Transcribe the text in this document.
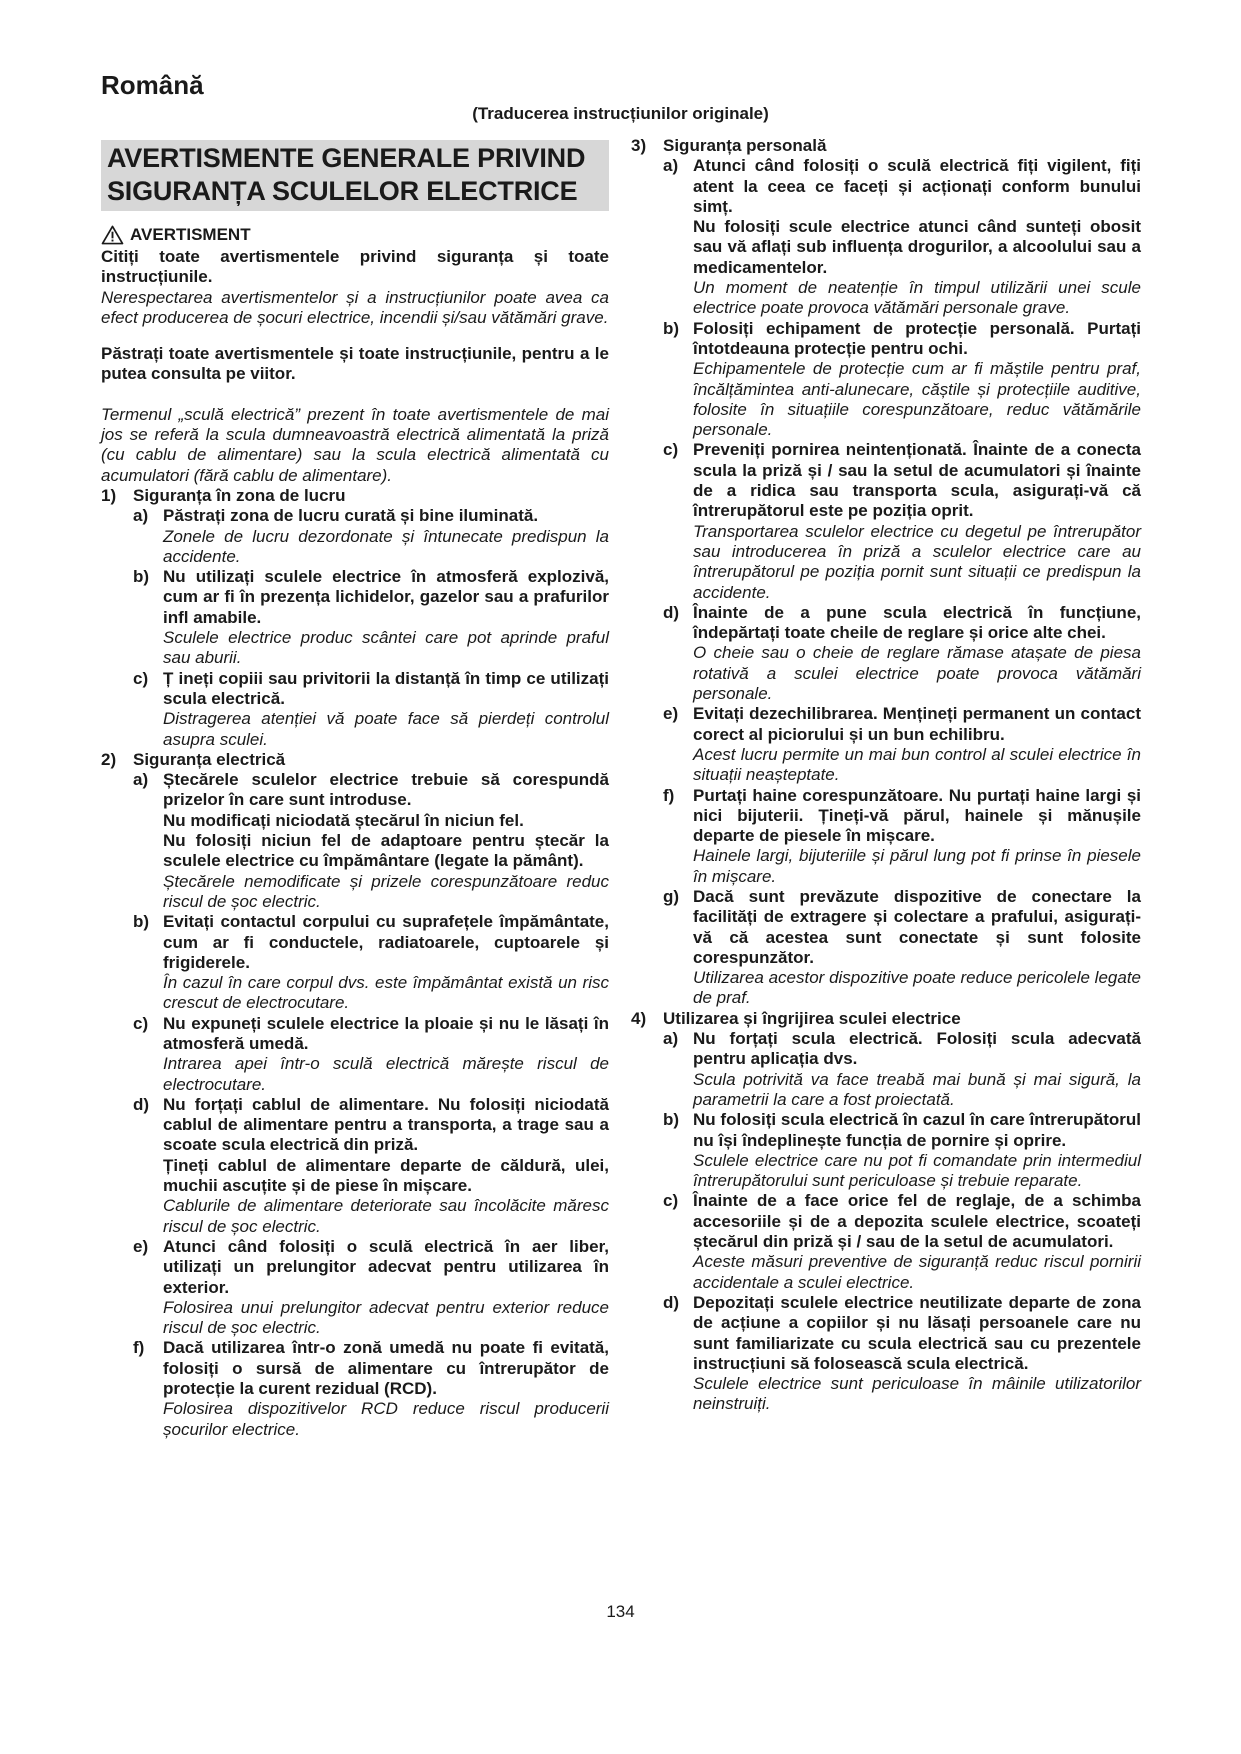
Română
(Traducerea instrucțiunilor originale)
AVERTISMENTE GENERALE PRIVIND
SIGURANȚA SCULELOR ELECTRICE
AVERTISMENT

Citiți toate avertismentele privind siguranța și toate instrucțiunile.

Nerespectarea avertismentelor și a instrucțiunilor poate avea ca efect producerea de șocuri electrice, incendii și/sau vătămări grave.

Păstrați toate avertismentele și toate instrucțiunile, pentru a le putea consulta pe viitor.

Termenul „sculă electrică” prezent în toate avertismentele de mai jos se referă la scula dumneavoastră electrică alimentată la priză (cu cablu de alimentare) sau la scula electrică alimentată cu acumulatori (fără cablu de alimentare).

1) Siguranța în zona de lucru
a) Păstrați zona de lucru curată și bine iluminată.

Zonele de lucru dezordonate și întunecate predispun la accidente.

b) Nu utilizați sculele electrice în atmosferă explozivă, cum ar fi în prezența lichidelor, gazelor sau a prafurilor infl amabile.

Sculele electrice produc scântei care pot aprinde praful sau aburii.

c) Ț ineți copiii sau privitorii la distanță în timp ce utilizați scula electrică.

Distragerea atenției vă poate face să pierdeți controlul asupra sculei.

2) Siguranța electrică
a) Ștecărele sculelor electrice trebuie să corespundă prizelor în care sunt introduse.

Nu modificați niciodată ștecărul în niciun fel.

Nu folosiți niciun fel de adaptoare pentru ștecăr la sculele electrice cu împământare (legate la pământ).

Ștecărele nemodificate și prizele corespunzătoare reduc riscul de șoc electric.

b) Evitați contactul corpului cu suprafețele împământate, cum ar fi conductele, radiatoarele, cuptoarele și frigiderele.

În cazul în care corpul dvs. este împământat există un risc crescut de electrocutare.

c) Nu expuneți sculele electrice la ploaie și nu le lăsați în atmosferă umedă.

Intrarea apei într-o sculă electrică mărește riscul de electrocutare.

d) Nu forțați cablul de alimentare. Nu folosiți niciodată cablul de alimentare pentru a transporta, a trage sau a scoate scula electrică din priză.

Țineți cablul de alimentare departe de căldură, ulei, muchii ascuțite și de piese în mișcare.

Cablurile de alimentare deteriorate sau încolăcite măresc riscul de șoc electric.

e) Atunci când folosiți o sculă electrică în aer liber, utilizați un prelungitor adecvat pentru utilizarea în exterior.

Folosirea unui prelungitor adecvat pentru exterior reduce riscul de șoc electric.

f)	Dacă utilizarea într-o zonă umedă nu poate fi evitată, folosiți o sursă de alimentare cu întrerupător de protecție la curent rezidual (RCD).

Folosirea dispozitivelor RCD reduce riscul producerii șocurilor electrice.

3) Siguranța personală
a) Atunci când folosiți o sculă electrică fiți vigilent, fiți atent la ceea ce faceți și acționați conform bunului simț.

Nu folosiți scule electrice atunci când sunteți obosit sau vă aflați sub influența drogurilor, a alcoolului sau a medicamentelor.

Un moment de neatenție în timpul utilizării unei scule electrice poate provoca vătămări personale grave.

b) Folosiți echipament de protecție personală. Purtați întotdeauna protecție pentru ochi.

Echipamentele de protecție cum ar fi măștile pentru praf, încălțămintea anti-alunecare, căștile și protecțiile auditive, folosite în situațiile corespunzătoare, reduc vătămările personale.

c) Preveniți pornirea neintenționată. Înainte de a conecta scula la priză și / sau la setul de acumulatori și înainte de a ridica sau transporta scula, asigurați-vă că întrerupătorul este pe poziția oprit.

Transportarea sculelor electrice cu degetul pe întrerupător sau introducerea în priză a sculelor electrice care au întrerupătorul pe poziția pornit sunt situații ce predispun la accidente.

d) Înainte de a pune scula electrică în funcțiune, îndepărtați toate cheile de reglare și orice alte chei.

O cheie sau o cheie de reglare rămase atașate de piesa rotativă a sculei electrice poate provoca vătămări personale.

e) Evitați dezechilibrarea. Mențineți permanent un contact corect al piciorului și un bun echilibru.

Acest lucru permite un mai bun control al sculei electrice în situații neașteptate.

f)	Purtați haine corespunzătoare. Nu purtați haine largi și nici bijuterii. Țineți-vă părul, hainele și mănușile departe de piesele în mișcare.

Hainele largi, bijuteriile și părul lung pot fi prinse în piesele în mișcare.

g) Dacă sunt prevăzute dispozitive de conectare la facilități de extragere și colectare a prafului, asigurați-vă că acestea sunt conectate și sunt folosite corespunzător.

Utilizarea acestor dispozitive poate reduce pericolele legate de praf.

4) Utilizarea și îngrijirea sculei electrice
a) Nu forțați scula electrică. Folosiți scula adecvată pentru aplicația dvs.

Scula potrivită va face treabă mai bună și mai sigură, la parametrii la care a fost proiectată.

b) Nu folosiți scula electrică în cazul în care întrerupătorul nu își îndeplinește funcția de pornire și oprire.

Sculele electrice care nu pot fi comandate prin intermediul întrerupătorului sunt periculoase și trebuie reparate.

c) Înainte de a face orice fel de reglaje, de a schimba accesoriile și de a depozita sculele electrice, scoateți ștecărul din priză și / sau de la setul de acumulatori.

Aceste măsuri preventive de siguranță reduc riscul pornirii accidentale a sculei electrice.

d) Depozitați sculele electrice neutilizate departe de zona de acțiune a copiilor și nu lăsați persoanele care nu sunt familiarizate cu scula electrică sau cu prezentele instrucțiuni să folosească scula electrică.

Sculele electrice sunt periculoase în mâinile utilizatorilor neinstruiți.

134
